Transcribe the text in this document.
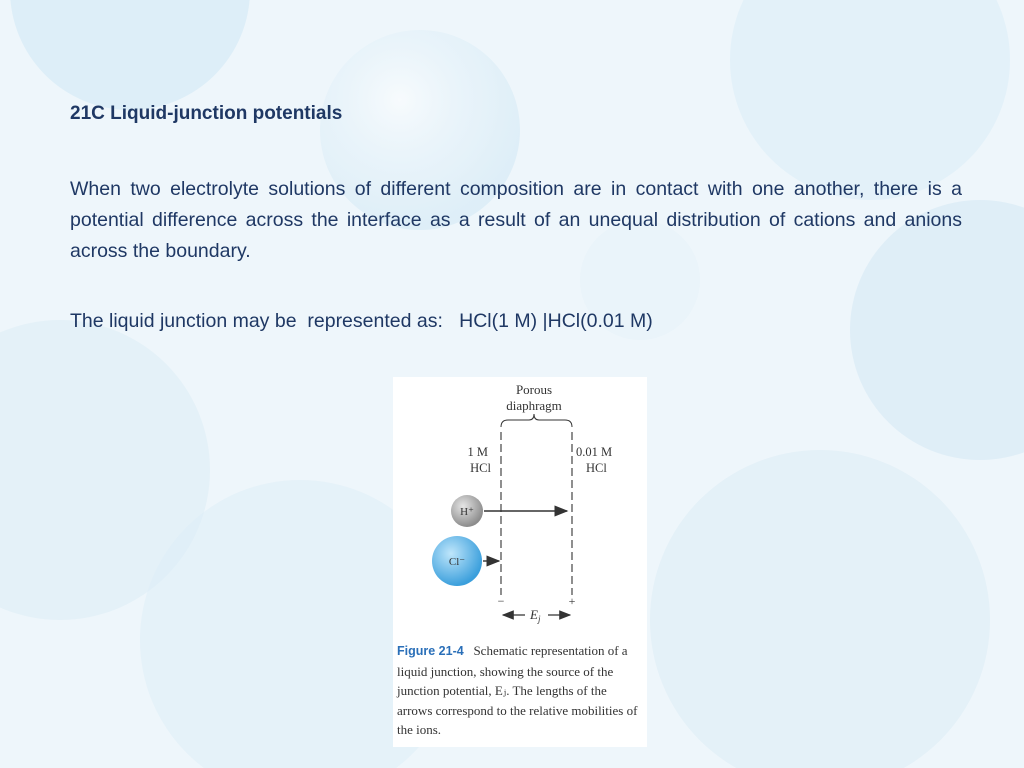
21C Liquid-junction potentials
When two electrolyte solutions of different composition are in contact with one another, there is a potential difference across the interface as a result of an unequal distribution of cations and anions across the boundary.
The liquid junction may be  represented as:   HCl(1 M) |HCl(0.01 M)
Porous
diaphragm
1 M
HCl
0.01 M
HCl
H⁺
Cl⁻
−	+
$E_j$
Figure 21-4 Schematic representation of a liquid junction, showing the source of the junction potential, Eⱼ. The lengths of the arrows correspond to the relative mobilities of the ions.
